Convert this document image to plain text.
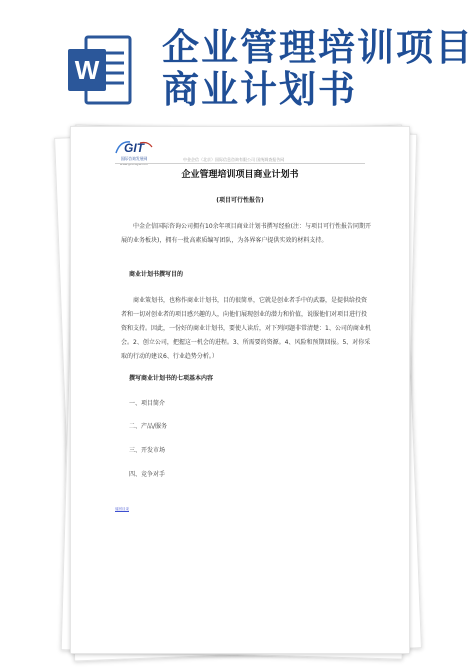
W
企业管理培训项目
商业计划书
GIT
国际咨询发展网
www.gtdcbgw.com
中金企信（北京）国际信息咨询有限公司 国统调查报告网
企业管理培训项目商业计划书
(项目可行性报告)
中金企信国际咨询公司拥有10余年项目商业计划书撰写经验(注：与项目可行性报告同期开展的业务板块)，拥有一批高素质编写团队，为各界客户提供实效的材料支持。
商业计划书撰写目的
商业策划书，也称作商业计划书，目的很简单，它就是创业者手中的武器，是提供给投资者和一切对创业者的项目感兴趣的人，向他们展现创业的潜力和价值，说服他们对项目进行投资和支持。因此，一份好的商业计划书，要使人读后，对下列问题非常清楚：1、公司的商业机会。2、创立公司，把握这一机会的进程。3、所需要的资源。4、风险和预期回报。5、对你采取的行动的建议6、行业趋势分析。）
撰写商业计划书的七项基本内容
一、项目简介
二、产品/服务
三、开发市场
四、竞争对手
返回目录
